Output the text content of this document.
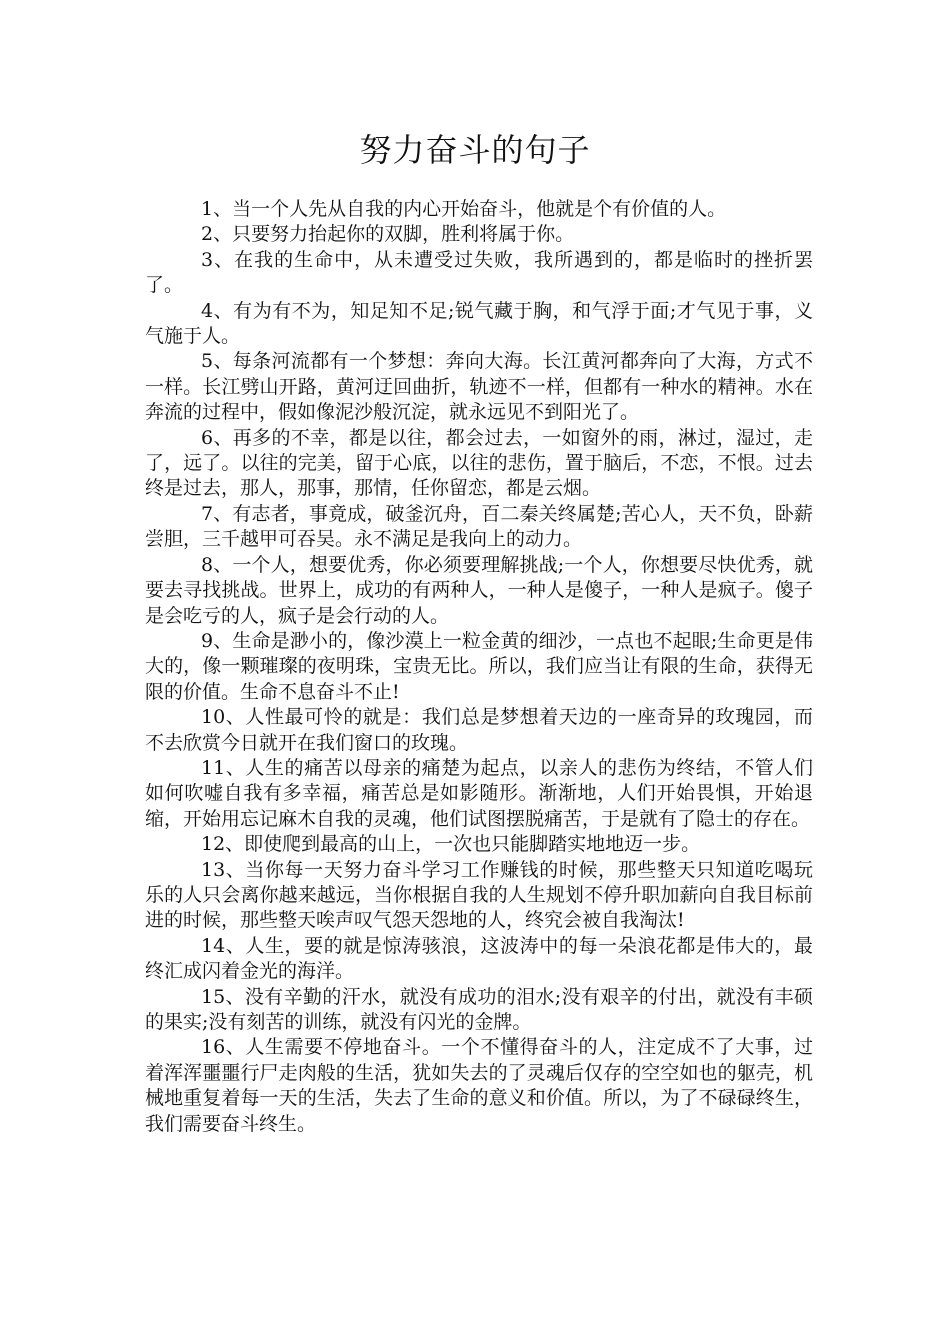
努力奋斗的句子

1、当一个人先从自我的内心开始奋斗，他就是个有价值的人。

2、只要努力抬起你的双脚，胜利将属于你。

3、在我的生命中，从未遭受过失败，我所遇到的，都是临时的挫折罢了。

4、有为有不为，知足知不足;锐气藏于胸，和气浮于面;才气见于事，义气施于人。

5、每条河流都有一个梦想：奔向大海。长江黄河都奔向了大海，方式不一样。长江劈山开路，黄河迂回曲折，轨迹不一样，但都有一种水的精神。水在奔流的过程中，假如像泥沙般沉淀，就永远见不到阳光了。

6、再多的不幸，都是以往，都会过去，一如窗外的雨，淋过，湿过，走了，远了。以往的完美，留于心底，以往的悲伤，置于脑后，不恋，不恨。过去终是过去，那人，那事，那情，任你留恋，都是云烟。

7、有志者，事竟成，破釜沉舟，百二秦关终属楚;苦心人，天不负，卧薪尝胆，三千越甲可吞吴。永不满足是我向上的动力。

8、一个人，想要优秀，你必须要理解挑战;一个人，你想要尽快优秀，就要去寻找挑战。世界上，成功的有两种人，一种人是傻子，一种人是疯子。傻子是会吃亏的人，疯子是会行动的人。

9、生命是渺小的，像沙漠上一粒金黄的细沙，一点也不起眼;生命更是伟大的，像一颗璀璨的夜明珠，宝贵无比。所以，我们应当让有限的生命，获得无限的价值。生命不息奋斗不止!

10、人性最可怜的就是：我们总是梦想着天边的一座奇异的玫瑰园，而不去欣赏今日就开在我们窗口的玫瑰。

11、人生的痛苦以母亲的痛楚为起点，以亲人的悲伤为终结，不管人们如何吹嘘自我有多幸福，痛苦总是如影随形。渐渐地，人们开始畏惧，开始退缩，开始用忘记麻木自我的灵魂，他们试图摆脱痛苦，于是就有了隐士的存在。

12、即使爬到最高的山上，一次也只能脚踏实地地迈一步。

13、当你每一天努力奋斗学习工作赚钱的时候，那些整天只知道吃喝玩乐的人只会离你越来越远，当你根据自我的人生规划不停升职加薪向自我目标前进的时候，那些整天唉声叹气怨天怨地的人，终究会被自我淘汰!

14、人生，要的就是惊涛骇浪，这波涛中的每一朵浪花都是伟大的，最终汇成闪着金光的海洋。

15、没有辛勤的汗水，就没有成功的泪水;没有艰辛的付出，就没有丰硕的果实;没有刻苦的训练，就没有闪光的金牌。

16、人生需要不停地奋斗。一个不懂得奋斗的人，注定成不了大事，过着浑浑噩噩行尸走肉般的生活，犹如失去的了灵魂后仅存的空空如也的躯壳，机械地重复着每一天的生活，失去了生命的意义和价值。所以，为了不碌碌终生，我们需要奋斗终生。
